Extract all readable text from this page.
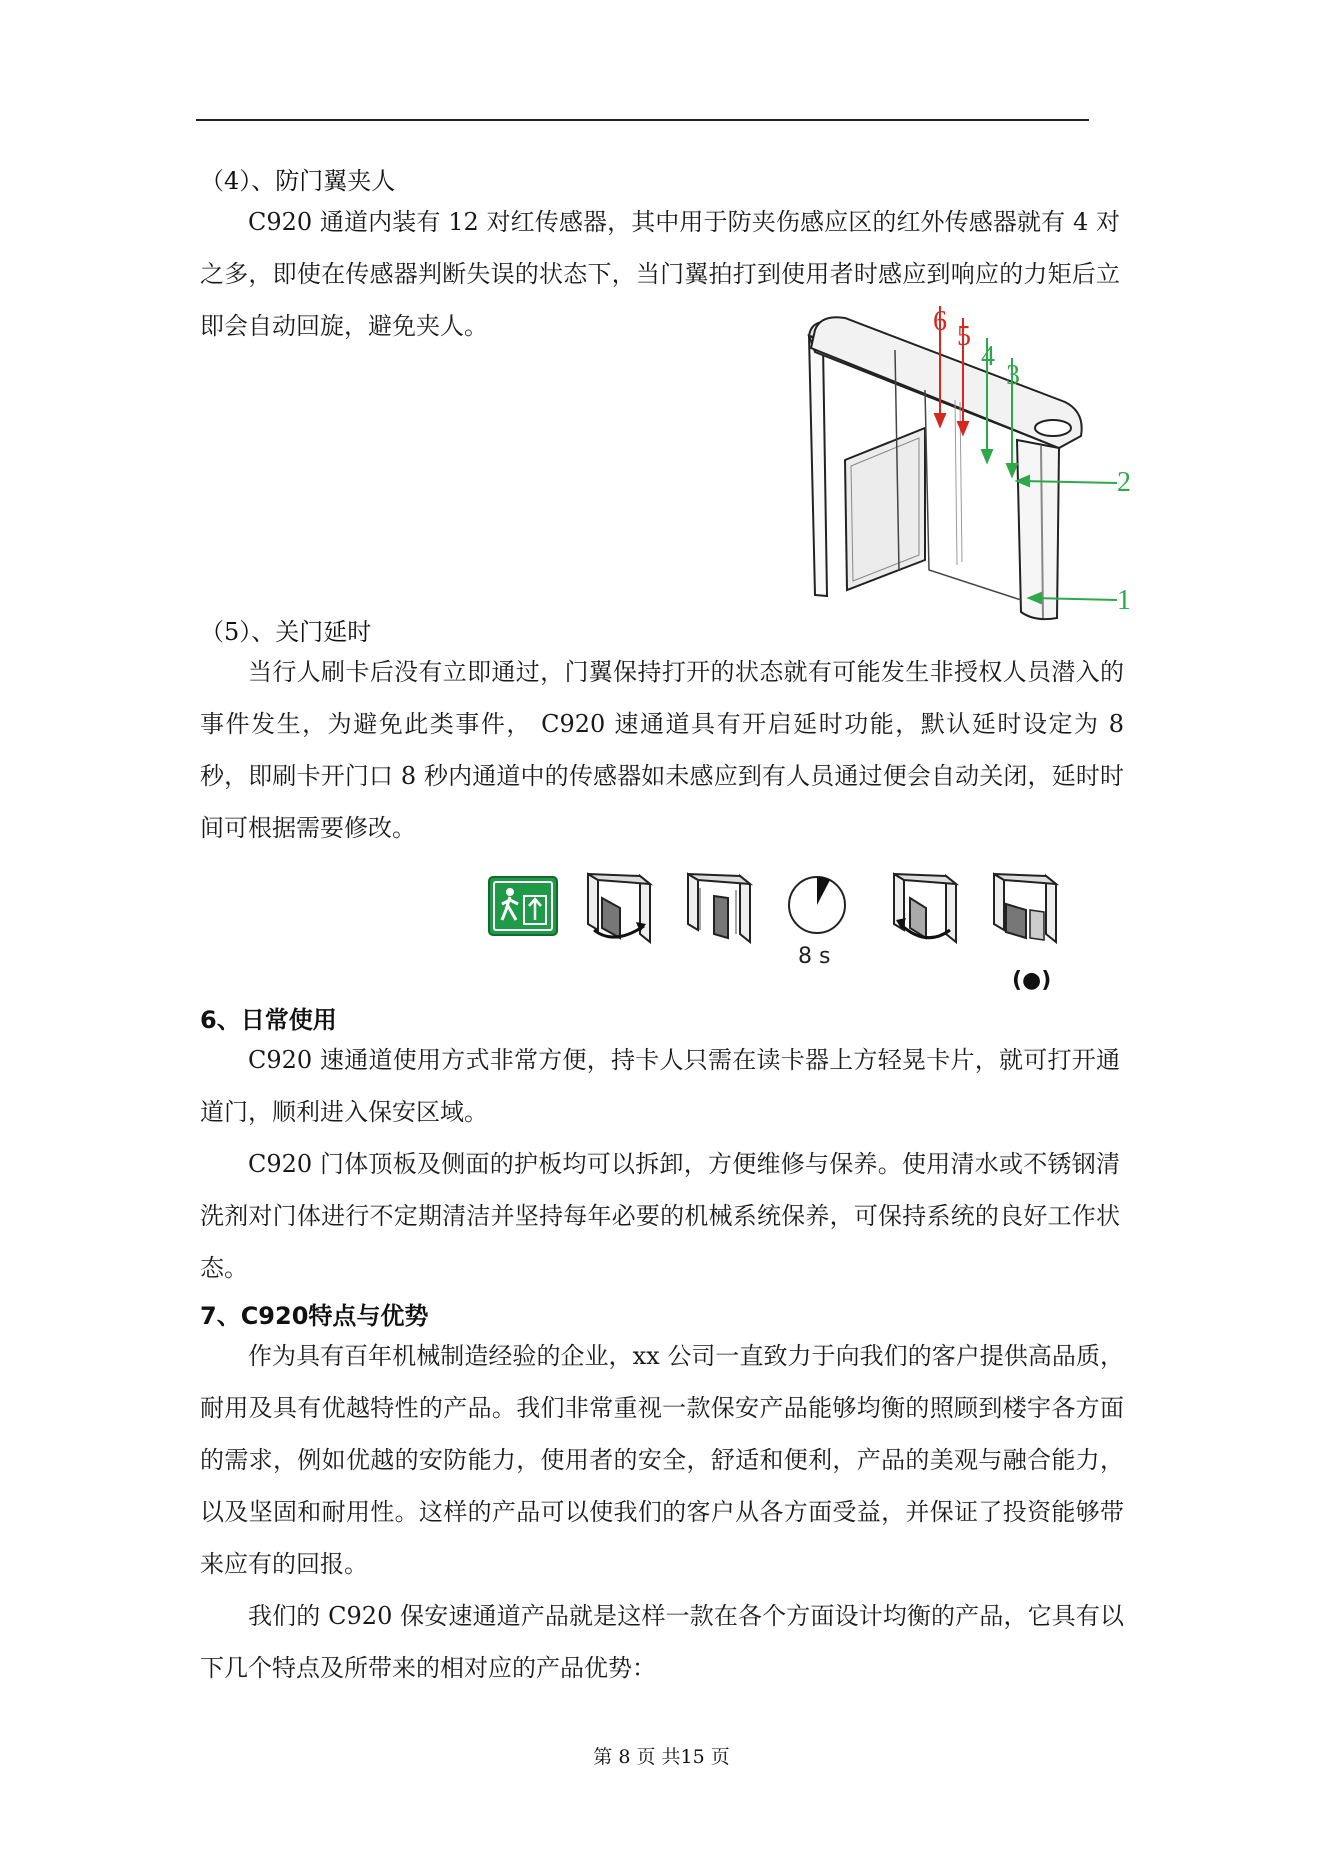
（4）、防门翼夹人

C920 通道内装有 12 对红传感器，其中用于防夹伤感应区的红外传感器就有 4 对之多，即使在传感器判断失误的状态下，当门翼拍打到使用者时感应到响应的力矩后立即会自动回旋，避免夹人。	6 5
4
3
2
1
（5）、关门延时

当行人刷卡后没有立即通过，门翼保持打开的状态就有可能发生非授权人员潜入的事件发生，为避免此类事件， C920 速通道具有开启延时功能，默认延时设定为 8 秒，即刷卡开门口 8 秒内通道中的传感器如未感应到有人员通过便会自动关闭，延时时间可根据需要修改。

8 s
(●)
6、日常使用

C920 速通道使用方式非常方便，持卡人只需在读卡器上方轻晃卡片，就可打开通道门，顺利进入保安区域。

C920 门体顶板及侧面的护板均可以拆卸，方便维修与保养。使用清水或不锈钢清洗剂对门体进行不定期清洁并坚持每年必要的机械系统保养，可保持系统的良好工作状态。

7、C920特点与优势

作为具有百年机械制造经验的企业，xx 公司一直致力于向我们的客户提供高品质，耐用及具有优越特性的产品。我们非常重视一款保安产品能够均衡的照顾到楼宇各方面的需求，例如优越的安防能力，使用者的安全，舒适和便利，产品的美观与融合能力，以及坚固和耐用性。这样的产品可以使我们的客户从各方面受益，并保证了投资能够带来应有的回报。

我们的 C920 保安速通道产品就是这样一款在各个方面设计均衡的产品，它具有以下几个特点及所带来的相对应的产品优势：

第 8 页 共15 页
